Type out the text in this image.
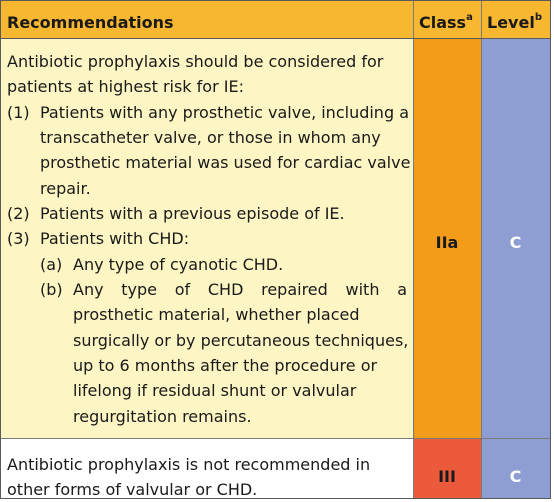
Recommendations	Class$^a$ Level$^b$
Antibiotic prophylaxis should be considered for
patients at highest risk for IE:
(1) Patients with any prosthetic valve, including a
transcatheter valve, or those in whom any
prosthetic material was used for cardiac valve
repair.
(2) Patients with a previous episode of IE.
(3) Patients with CHD:
(a) Any type of cyanotic CHD.
(b) Any type of CHD repaired with a
prosthetic material, whether placed
surgically or by percutaneous techniques,
up to 6 months after the procedure or
lifelong if residual shunt or valvular
regurgitation remains.
IIa	C
Antibiotic prophylaxis is not recommended in
other forms of valvular or CHD.
III	C
